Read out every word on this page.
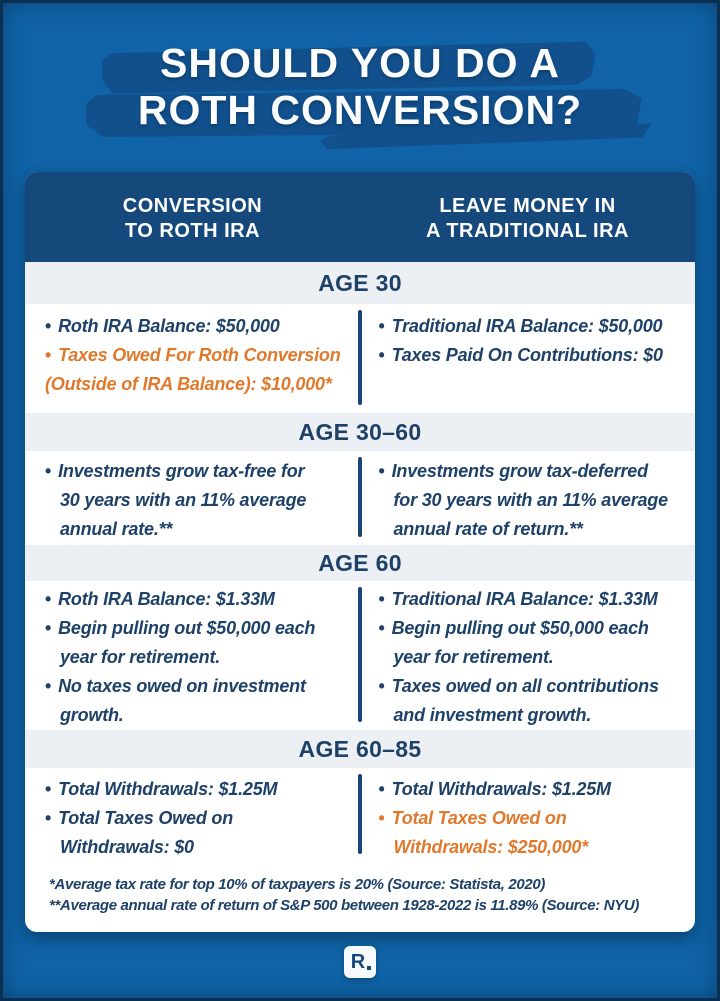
SHOULD YOU DO A
ROTH CONVERSION?
CONVERSION
TO ROTH IRA
LEAVE MONEY IN
A TRADITIONAL IRA
AGE 30
• Roth IRA Balance: $50,000
• Taxes Owed For Roth Conversion
(Outside of IRA Balance): $10,000*
• Traditional IRA Balance: $50,000
• Taxes Paid On Contributions: $0
AGE 30–60
• Investments grow tax-free for
30 years with an 11% average
annual rate.**
• Investments grow tax-deferred
for 30 years with an 11% average
annual rate of return.**
AGE 60
• Roth IRA Balance: $1.33M
• Begin pulling out $50,000 each
year for retirement.
• No taxes owed on investment
growth.
• Traditional IRA Balance: $1.33M
• Begin pulling out $50,000 each
year for retirement.
• Taxes owed on all contributions
and investment growth.
AGE 60–85
• Total Withdrawals: $1.25M
• Total Taxes Owed on
Withdrawals: $0
• Total Withdrawals: $1.25M
• Total Taxes Owed on
Withdrawals: $250,000*

*Average tax rate for top 10% of taxpayers is 20% (Source: Statista, 2020)

**Average annual rate of return of S&P 500 between 1928-2022 is 11.89% (Source: NYU)

R
